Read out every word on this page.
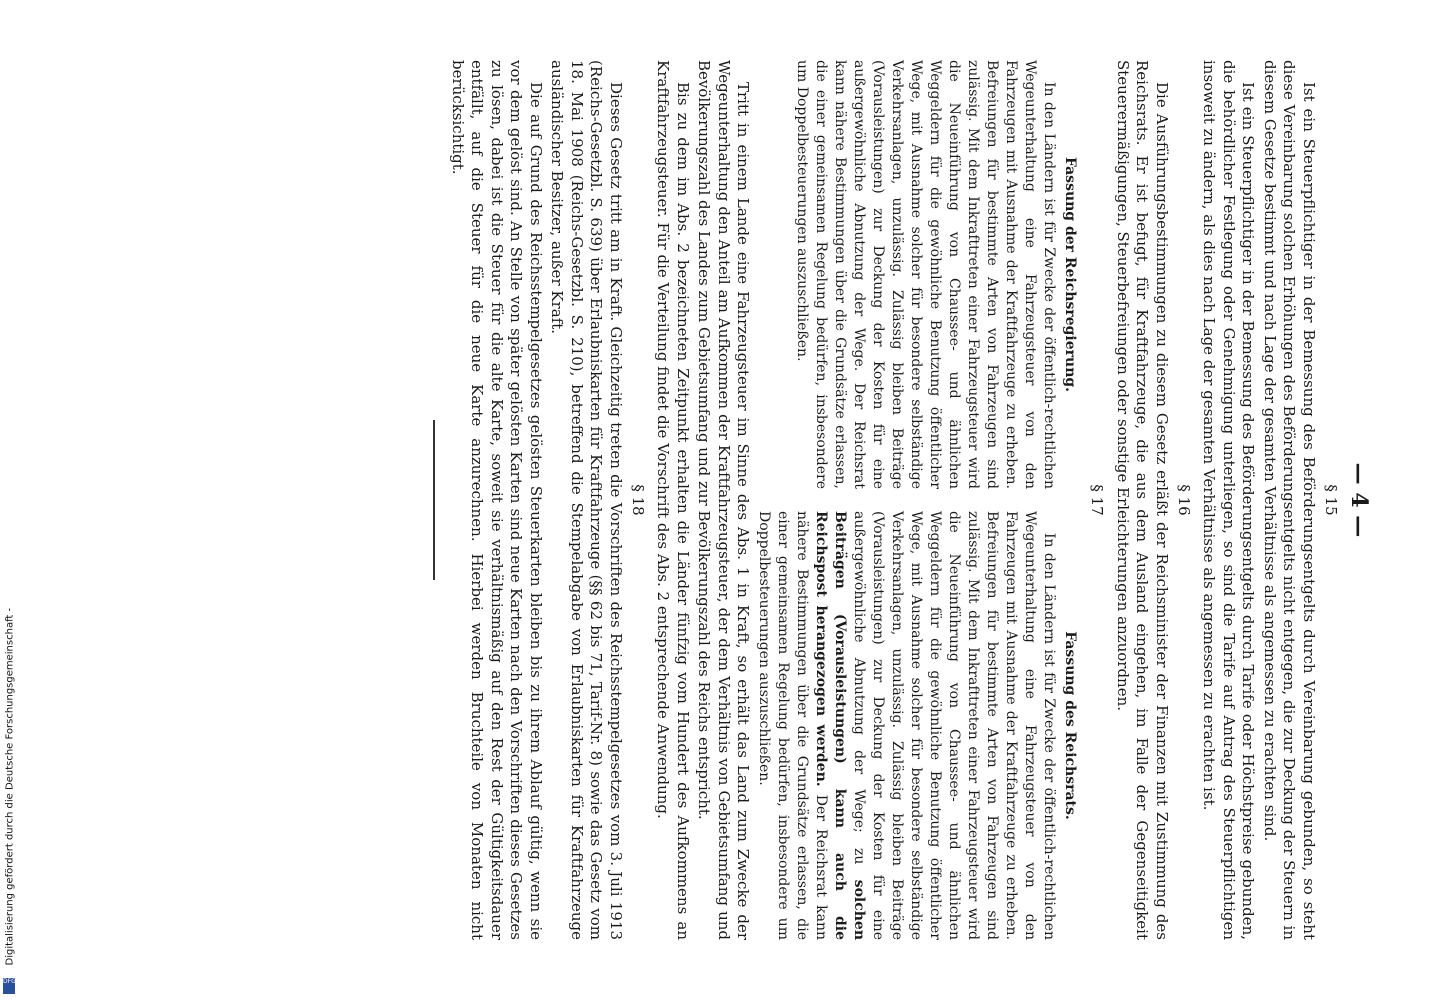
— 4 —
§ 15

Ist ein Steuerpflichtiger in der Bemessung des Beförderungsentgelts durch Vereinbarung gebunden, so steht diese Vereinbarung solchen Erhöhungen des Beförderungsentgelts nicht entgegen, die zur Deckung der Steuern in diesem Gesetze bestimmt und nach Lage der gesamten Verhältnisse als angemessen zu erachten sind.

Ist ein Steuerpflichtiger in der Bemessung des Beförderungsentgelts durch Tarife oder Höchstpreise gebunden, die behördlicher Festlegung oder Genehmigung unterliegen, so sind die Tarife auf Antrag des Steuerpflichtigen insoweit zu ändern, als dies nach Lage der gesamten Verhältnisse als angemessen zu erachten ist.

§ 16

Die Ausführungsbestimmungen zu diesem Gesetz erläßt der Reichsminister der Finanzen mit Zustimmung des Reichsrats. Er ist befugt, für Kraftfahrzeuge, die aus dem Ausland eingehen, im Falle der Gegenseitigkeit Steuerermäßigungen, Steuerbefreiungen oder sonstige Erleichterungen anzuordnen.

§ 17
Fassung der Reichsregierung.

In den Ländern ist für Zwecke der öffentlich-rechtlichen Wegeunterhaltung eine Fahrzeugsteuer von den Fahrzeugen mit Ausnahme der Kraftfahrzeuge zu erheben. Befreiungen für bestimmte Arten von Fahrzeugen sind zulässig. Mit dem Inkrafttreten einer Fahrzeugsteuer wird die Neueinführung von Chaussee- und ähnlichen Weggeldern für die gewöhnliche Benutzung öffentlicher Wege, mit Ausnahme solcher für besondere selbständige Verkehrsanlagen, unzulässig. Zulässig bleiben Beiträge (Vorausleistungen) zur Deckung der Kosten für eine außergewöhnliche Abnutzung der Wege. Der Reichsrat kann nähere Bestimmungen über die Grundsätze erlassen, die einer gemeinsamen Regelung bedürfen, insbesondere um Doppelbesteuerungen auszuschließen.

Fassung des Reichsrats.

In den Ländern ist für Zwecke der öffentlich-rechtlichen Wegeunterhaltung eine Fahrzeugsteuer von den Fahrzeugen mit Ausnahme der Kraftfahrzeuge zu erheben. Befreiungen für bestimmte Arten von Fahrzeugen sind zulässig. Mit dem Inkrafttreten einer Fahrzeugsteuer wird die Neueinführung von Chaussee- und ähnlichen Weggeldern für die gewöhnliche Benutzung öffentlicher Wege, mit Ausnahme solcher für besondere selbständige Verkehrsanlagen, unzulässig. Zulässig bleiben Beiträge (Vorausleistungen) zur Deckung der Kosten für eine außergewöhnliche Abnutzung der Wege; zu solchen Beiträgen (Vorausleistungen) kann auch die Reichspost herangezogen werden. Der Reichsrat kann nähere Bestimmungen über die Grundsätze erlassen, die einer gemeinsamen Regelung bedürfen, insbesondere um Doppelbesteuerungen auszuschließen.

Tritt in einem Lande eine Fahrzeugsteuer im Sinne des Abs. 1 in Kraft, so erhält das Land zum Zwecke der Wegeunterhaltung den Anteil am Aufkommen der Kraftfahrzeugsteuer, der dem Verhältnis von Gebietsumfang und Bevölkerungszahl des Landes zum Gebietsumfang und zur Bevölkerungszahl des Reichs entspricht.

Bis zu dem im Abs. 2 bezeichneten Zeitpunkt erhalten die Länder fünfzig vom Hundert des Aufkommens an Kraftfahrzeugsteuer. Für die Verteilung findet die Vorschrift des Abs. 2 entsprechende Anwendung.

§ 18

Dieses Gesetz tritt am in Kraft. Gleichzeitig treten die Vorschriften des Reichsstempelgesetzes vom 3. Juli 1913 (Reichs-Gesetzbl. S. 639) über Erlaubniskarten für Kraftfahrzeuge (§§ 62 bis 71, Tarif-Nr. 8) sowie das Gesetz vom 18. Mai 1908 (Reichs-Gesetzbl. S. 210), betreffend die Stempelabgabe von Erlaubniskarten für Kraftfahrzeuge ausländischer Besitzer, außer Kraft.

Die auf Grund des Reichsstempelgesetzes gelösten Steuerkarten bleiben bis zu ihrem Ablauf gültig, wenn sie vor dem gelöst sind. An Stelle von später gelösten Karten sind neue Karten nach den Vorschriften dieses Gesetzes zu lösen, dabei ist die Steuer für die alte Karte, soweit sie verhältnismäßig auf den Rest der Gültigkeitsdauer entfällt, auf die Steuer für die neue Karte anzurechnen. Hierbei werden Bruchteile von Monaten nicht berücksichtigt.

Digitalisierung gefördert durch die Deutsche Forschungsgemeinschaft -
DFG
